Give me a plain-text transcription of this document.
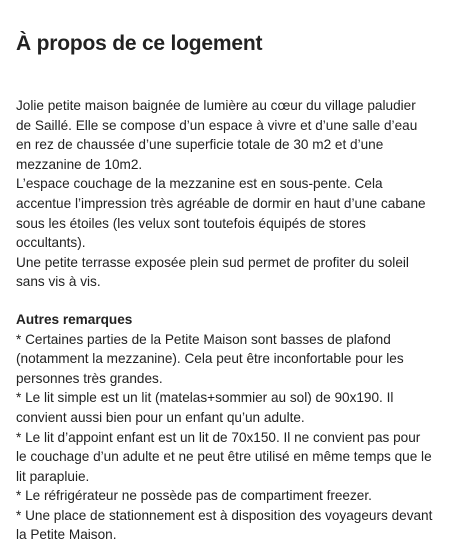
À propos de ce logement

Jolie petite maison baignée de lumière au cœur du village paludier de Saillé. Elle se compose d’un espace à vivre et d’une salle d’eau en rez de chaussée d’une superficie totale de 30 m2 et d’une mezzanine de 10m2.

L’espace couchage de la mezzanine est en sous-pente. Cela accentue l’impression très agréable de dormir en haut d’une cabane sous les étoiles (les velux sont toutefois équipés de stores occultants).

Une petite terrasse exposée plein sud permet de profiter du soleil sans vis à vis.

Autres remarques
* Certaines parties de la Petite Maison sont basses de plafond (notamment la mezzanine). Cela peut être inconfortable pour les personnes très grandes.
* Le lit simple est un lit (matelas+sommier au sol) de 90x190. Il convient aussi bien pour un enfant qu’un adulte.
* Le lit d’appoint enfant est un lit de 70x150. Il ne convient pas pour le couchage d’un adulte et ne peut être utilisé en même temps que le lit parapluie.
* Le réfrigérateur ne possède pas de compartiment freezer.
* Une place de stationnement est à disposition des voyageurs devant la Petite Maison.
